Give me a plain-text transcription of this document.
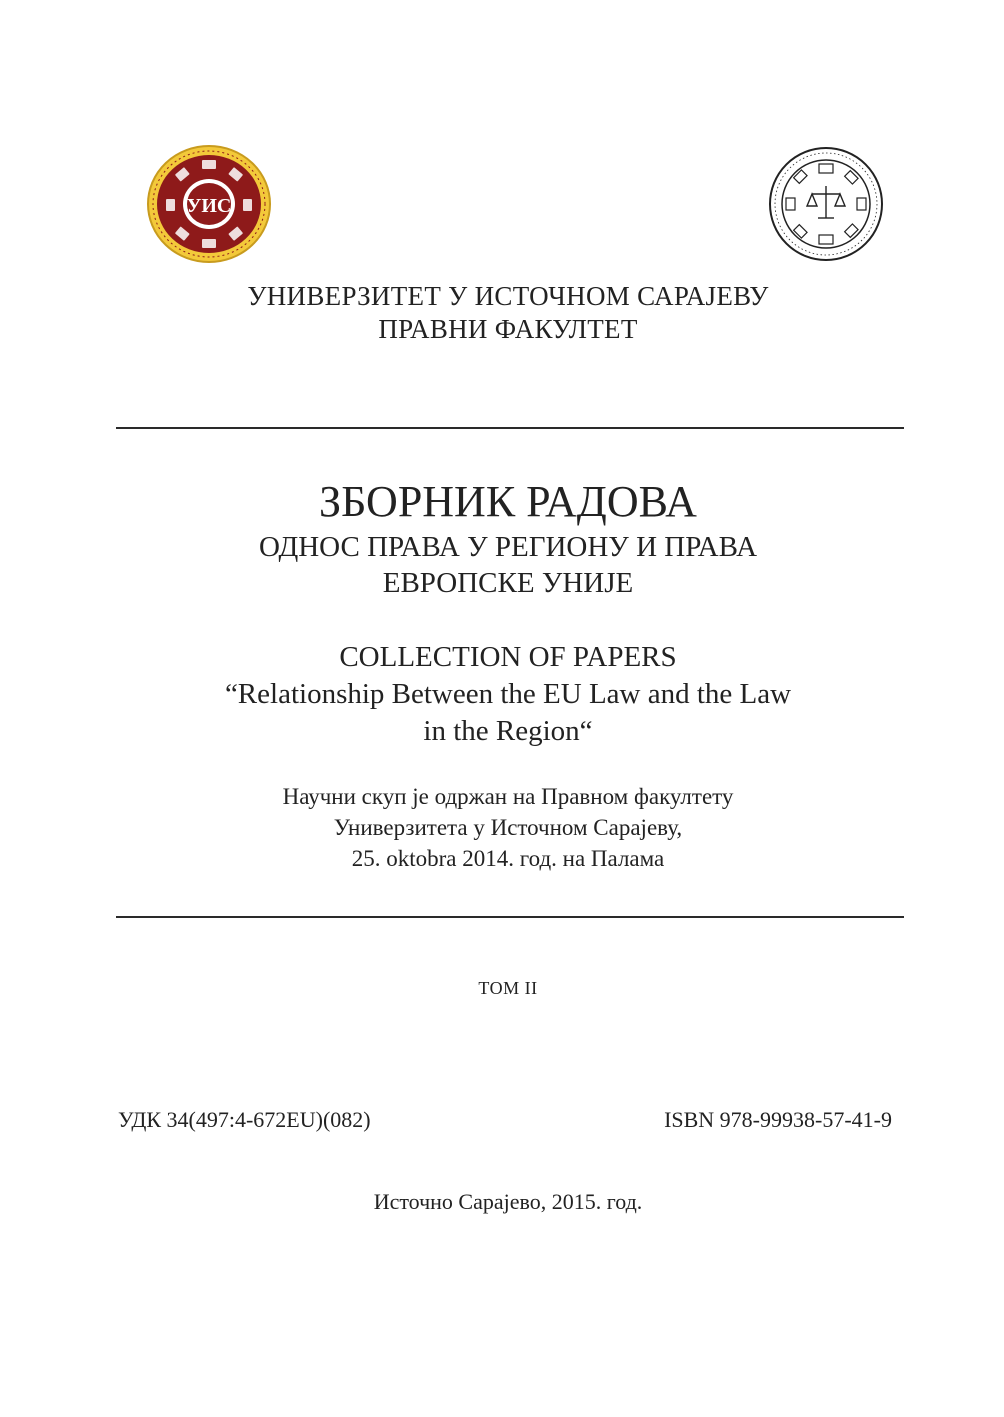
УИС
УНИВЕРЗИТЕТ У ИСТОЧНОМ САРАЈЕВУ
ПРАВНИ ФАКУЛТЕТ
ЗБОРНИК РАДОВА
ОДНОС ПРАВА У РЕГИОНУ И ПРАВА
ЕВРОПСКЕ УНИЈЕ
COLLECTION OF PAPERS
“Relationship Between the EU Law and the Law
in the Region“
Научни скуп је одржан на Правном факултету
Универзитета у Источном Сарајеву,
25. oktobra 2014. год. на Палама
ТОМ II
УДК 34(497:4-672EU)(082)	ISBN 978-99938-57-41-9
Источно Сарајево, 2015. год.
